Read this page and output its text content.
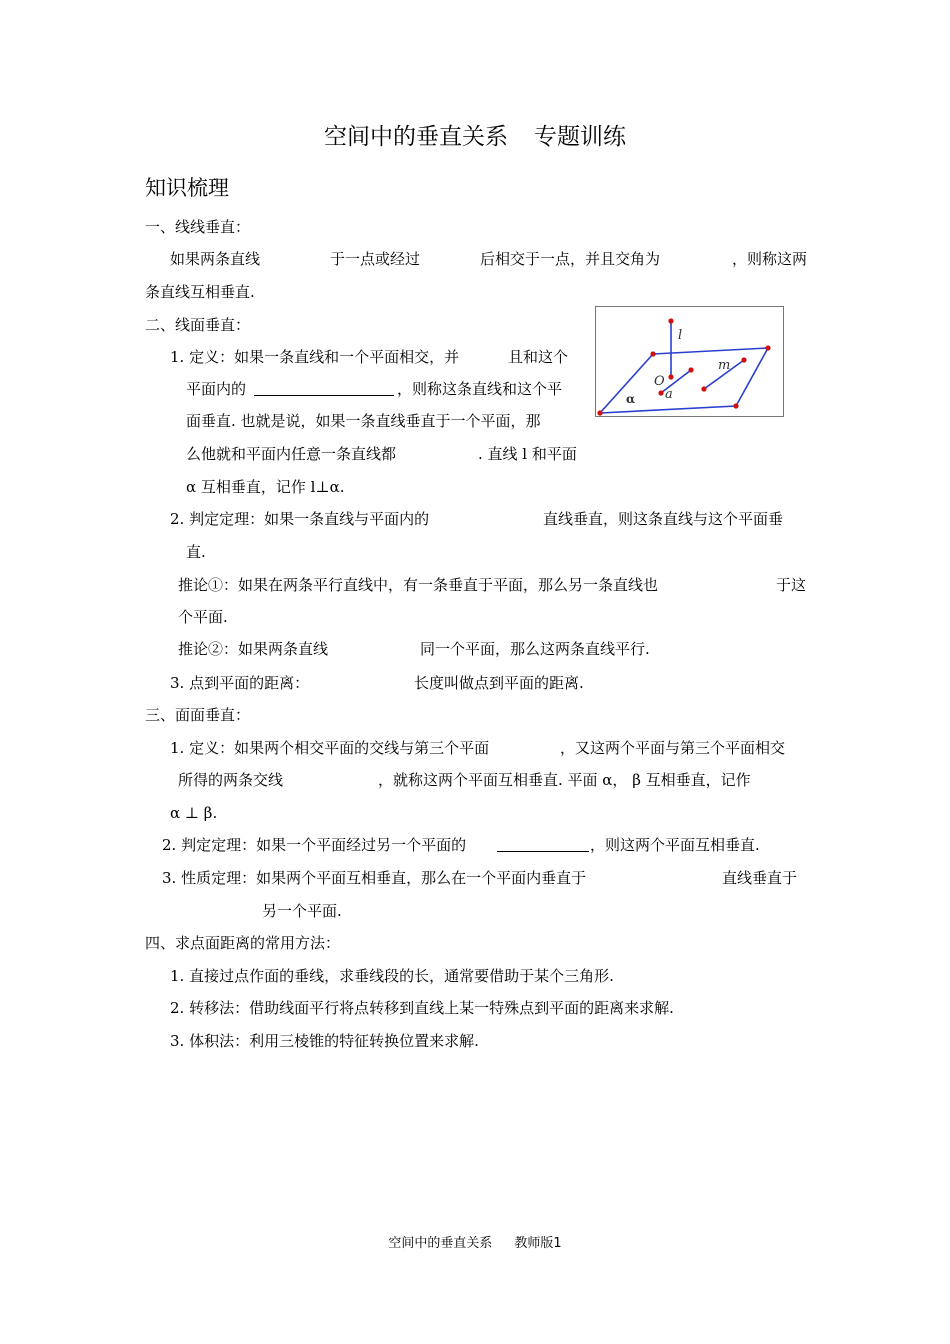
空间中的垂直关系 专题训练
知识梳理
一、线线垂直：
如果两条直线	于一点或经过	后相交于一点，并且交角为	，则称这两
条直线互相垂直.
二、线面垂直：
1. 定义：如果一条直线和一个平面相交，并	且和这个
平面内的	，则称这条直线和这个平
面垂直. 也就是说，如果一条直线垂直于一个平面，那
么他就和平面内任意一条直线都	. 直线 l 和平面
α 互相垂直，记作 l⊥α.
2. 判定定理：如果一条直线与平面内的	直线垂直，则这条直线与这个平面垂
直.
推论①：如果在两条平行直线中，有一条垂直于平面，那么另一条直线也	于这
个平面.
推论②：如果两条直线	同一个平面，那么这两条直线平行.
3. 点到平面的距离：	长度叫做点到平面的距离.
三、面面垂直：
1. 定义：如果两个相交平面的交线与第三个平面	，又这两个平面与第三个平面相交
所得的两条交线	，就称这两个平面互相垂直. 平面 α， β 互相垂直，记作
α ⊥ β.
2. 判定定理：如果一个平面经过另一个平面的	，则这两个平面互相垂直.
3. 性质定理：如果两个平面互相垂直，那么在一个平面内垂直于	直线垂直于
另一个平面.
四、求点面距离的常用方法：
1. 直接过点作面的垂线，求垂线段的长，通常要借助于某个三角形.
2. 转移法：借助线面平行将点转移到直线上某一特殊点到平面的距离来求解.
3. 体积法：利用三棱锥的特征转换位置来求解.
l
m
O
a
α
空间中的垂直关系 教师版1
